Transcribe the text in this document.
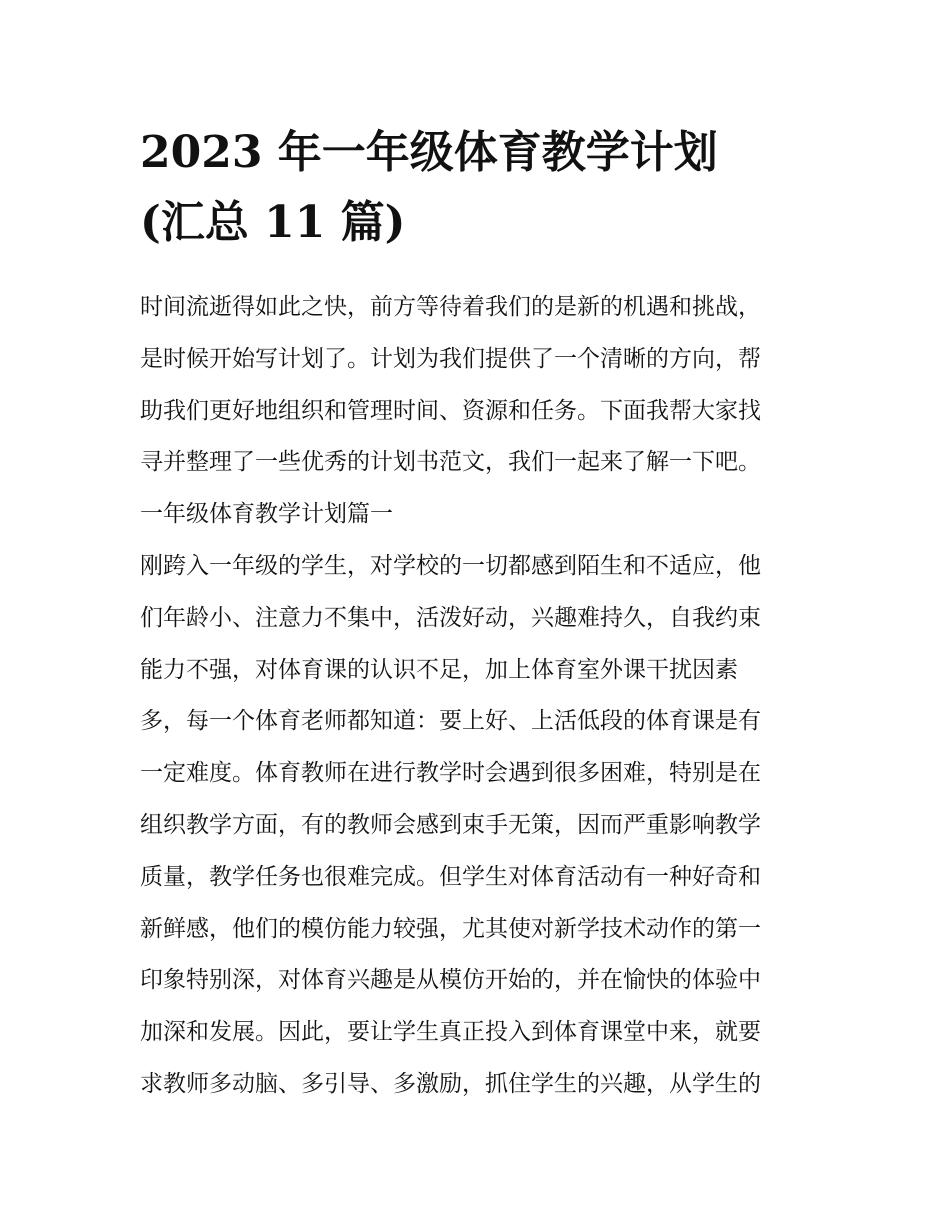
2023 年一年级体育教学计划
(汇总 11 篇)
时间流逝得如此之快，前方等待着我们的是新的机遇和挑战，
是时候开始写计划了。计划为我们提供了一个清晰的方向，帮
助我们更好地组织和管理时间、资源和任务。下面我帮大家找
寻并整理了一些优秀的计划书范文，我们一起来了解一下吧。
一年级体育教学计划篇一
刚跨入一年级的学生，对学校的一切都感到陌生和不适应，他
们年龄小、注意力不集中，活泼好动，兴趣难持久，自我约束
能力不强，对体育课的认识不足，加上体育室外课干扰因素
多，每一个体育老师都知道：要上好、上活低段的体育课是有
一定难度。体育教师在进行教学时会遇到很多困难，特别是在
组织教学方面，有的教师会感到束手无策，因而严重影响教学
质量，教学任务也很难完成。但学生对体育活动有一种好奇和
新鲜感，他们的模仿能力较强，尤其使对新学技术动作的第一
印象特别深，对体育兴趣是从模仿开始的，并在愉快的体验中
加深和发展。因此，要让学生真正投入到体育课堂中来，就要
求教师多动脑、多引导、多激励，抓住学生的兴趣，从学生的
